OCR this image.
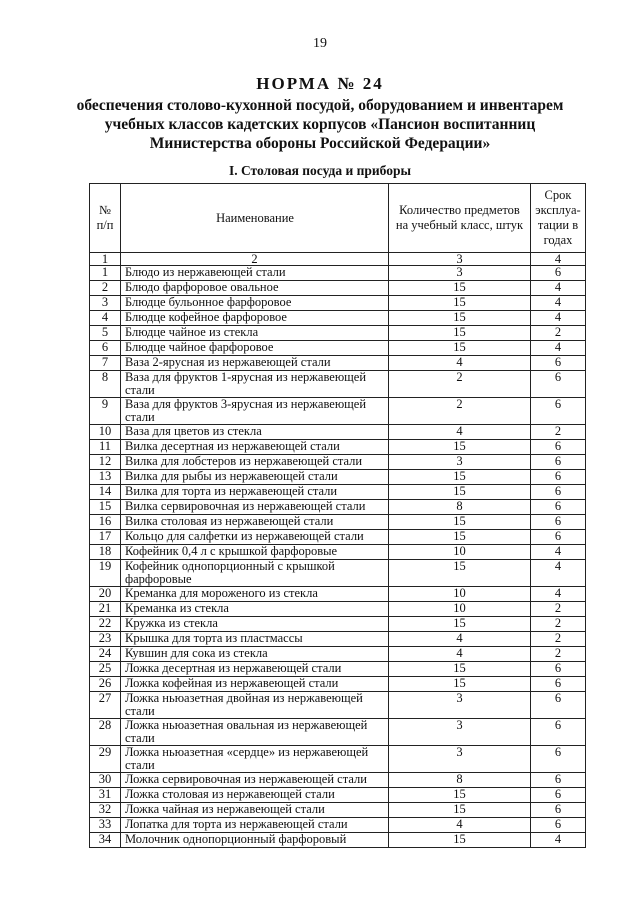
19
НОРМА № 24
обеспечения столово-кухонной посудой, оборудованием и инвентарем учебных классов кадетских корпусов «Пансион воспитанниц Министерства обороны Российской Федерации»
I. Столовая посуда и приборы
№ п/п	Наименование	Количество предметов на учебный класс, штук	Срок эксплуа-тации в годах
1	2	3	4
1	Блюдо из нержавеющей стали	3	6
2	Блюдо фарфоровое овальное	15	4
3	Блюдце бульонное фарфоровое	15	4
4	Блюдце кофейное фарфоровое	15	4
5	Блюдце чайное из стекла	15	2
6	Блюдце чайное фарфоровое	15	4
7	Ваза 2-ярусная из нержавеющей стали	4	6
8	Ваза для фруктов 1-ярусная из нержавеющей стали	2	6
9	Ваза для фруктов 3-ярусная из нержавеющей стали	2	6
10	Ваза для цветов из стекла	4	2
11	Вилка десертная из нержавеющей стали	15	6
12	Вилка для лобстеров из нержавеющей стали	3	6
13	Вилка для рыбы из нержавеющей стали	15	6
14	Вилка для торта из нержавеющей стали	15	6
15	Вилка сервировочная из нержавеющей стали	8	6
16	Вилка столовая из нержавеющей стали	15	6
17	Кольцо для салфетки из нержавеющей стали	15	6
18	Кофейник 0,4 л с крышкой фарфоровые	10	4
19	Кофейник однопорционный с крышкой фарфоровые	15	4
20	Креманка для мороженого из стекла	10	4
21	Креманка из стекла	10	2
22	Кружка из стекла	15	2
23	Крышка для торта из пластмассы	4	2
24	Кувшин для сока из стекла	4	2
25	Ложка десертная из нержавеющей стали	15	6
26	Ложка кофейная из нержавеющей стали	15	6
27	Ложка ньюазетная двойная из нержавеющей стали	3	6
28	Ложка ньюазетная овальная из нержавеющей стали	3	6
29	Ложка ньюазетная «сердце» из нержавеющей стали	3	6
30	Ложка сервировочная из нержавеющей стали	8	6
31	Ложка столовая из нержавеющей стали	15	6
32	Ложка чайная из нержавеющей стали	15	6
33	Лопатка для торта из нержавеющей стали	4	6
34	Молочник однопорционный фарфоровый	15	4
